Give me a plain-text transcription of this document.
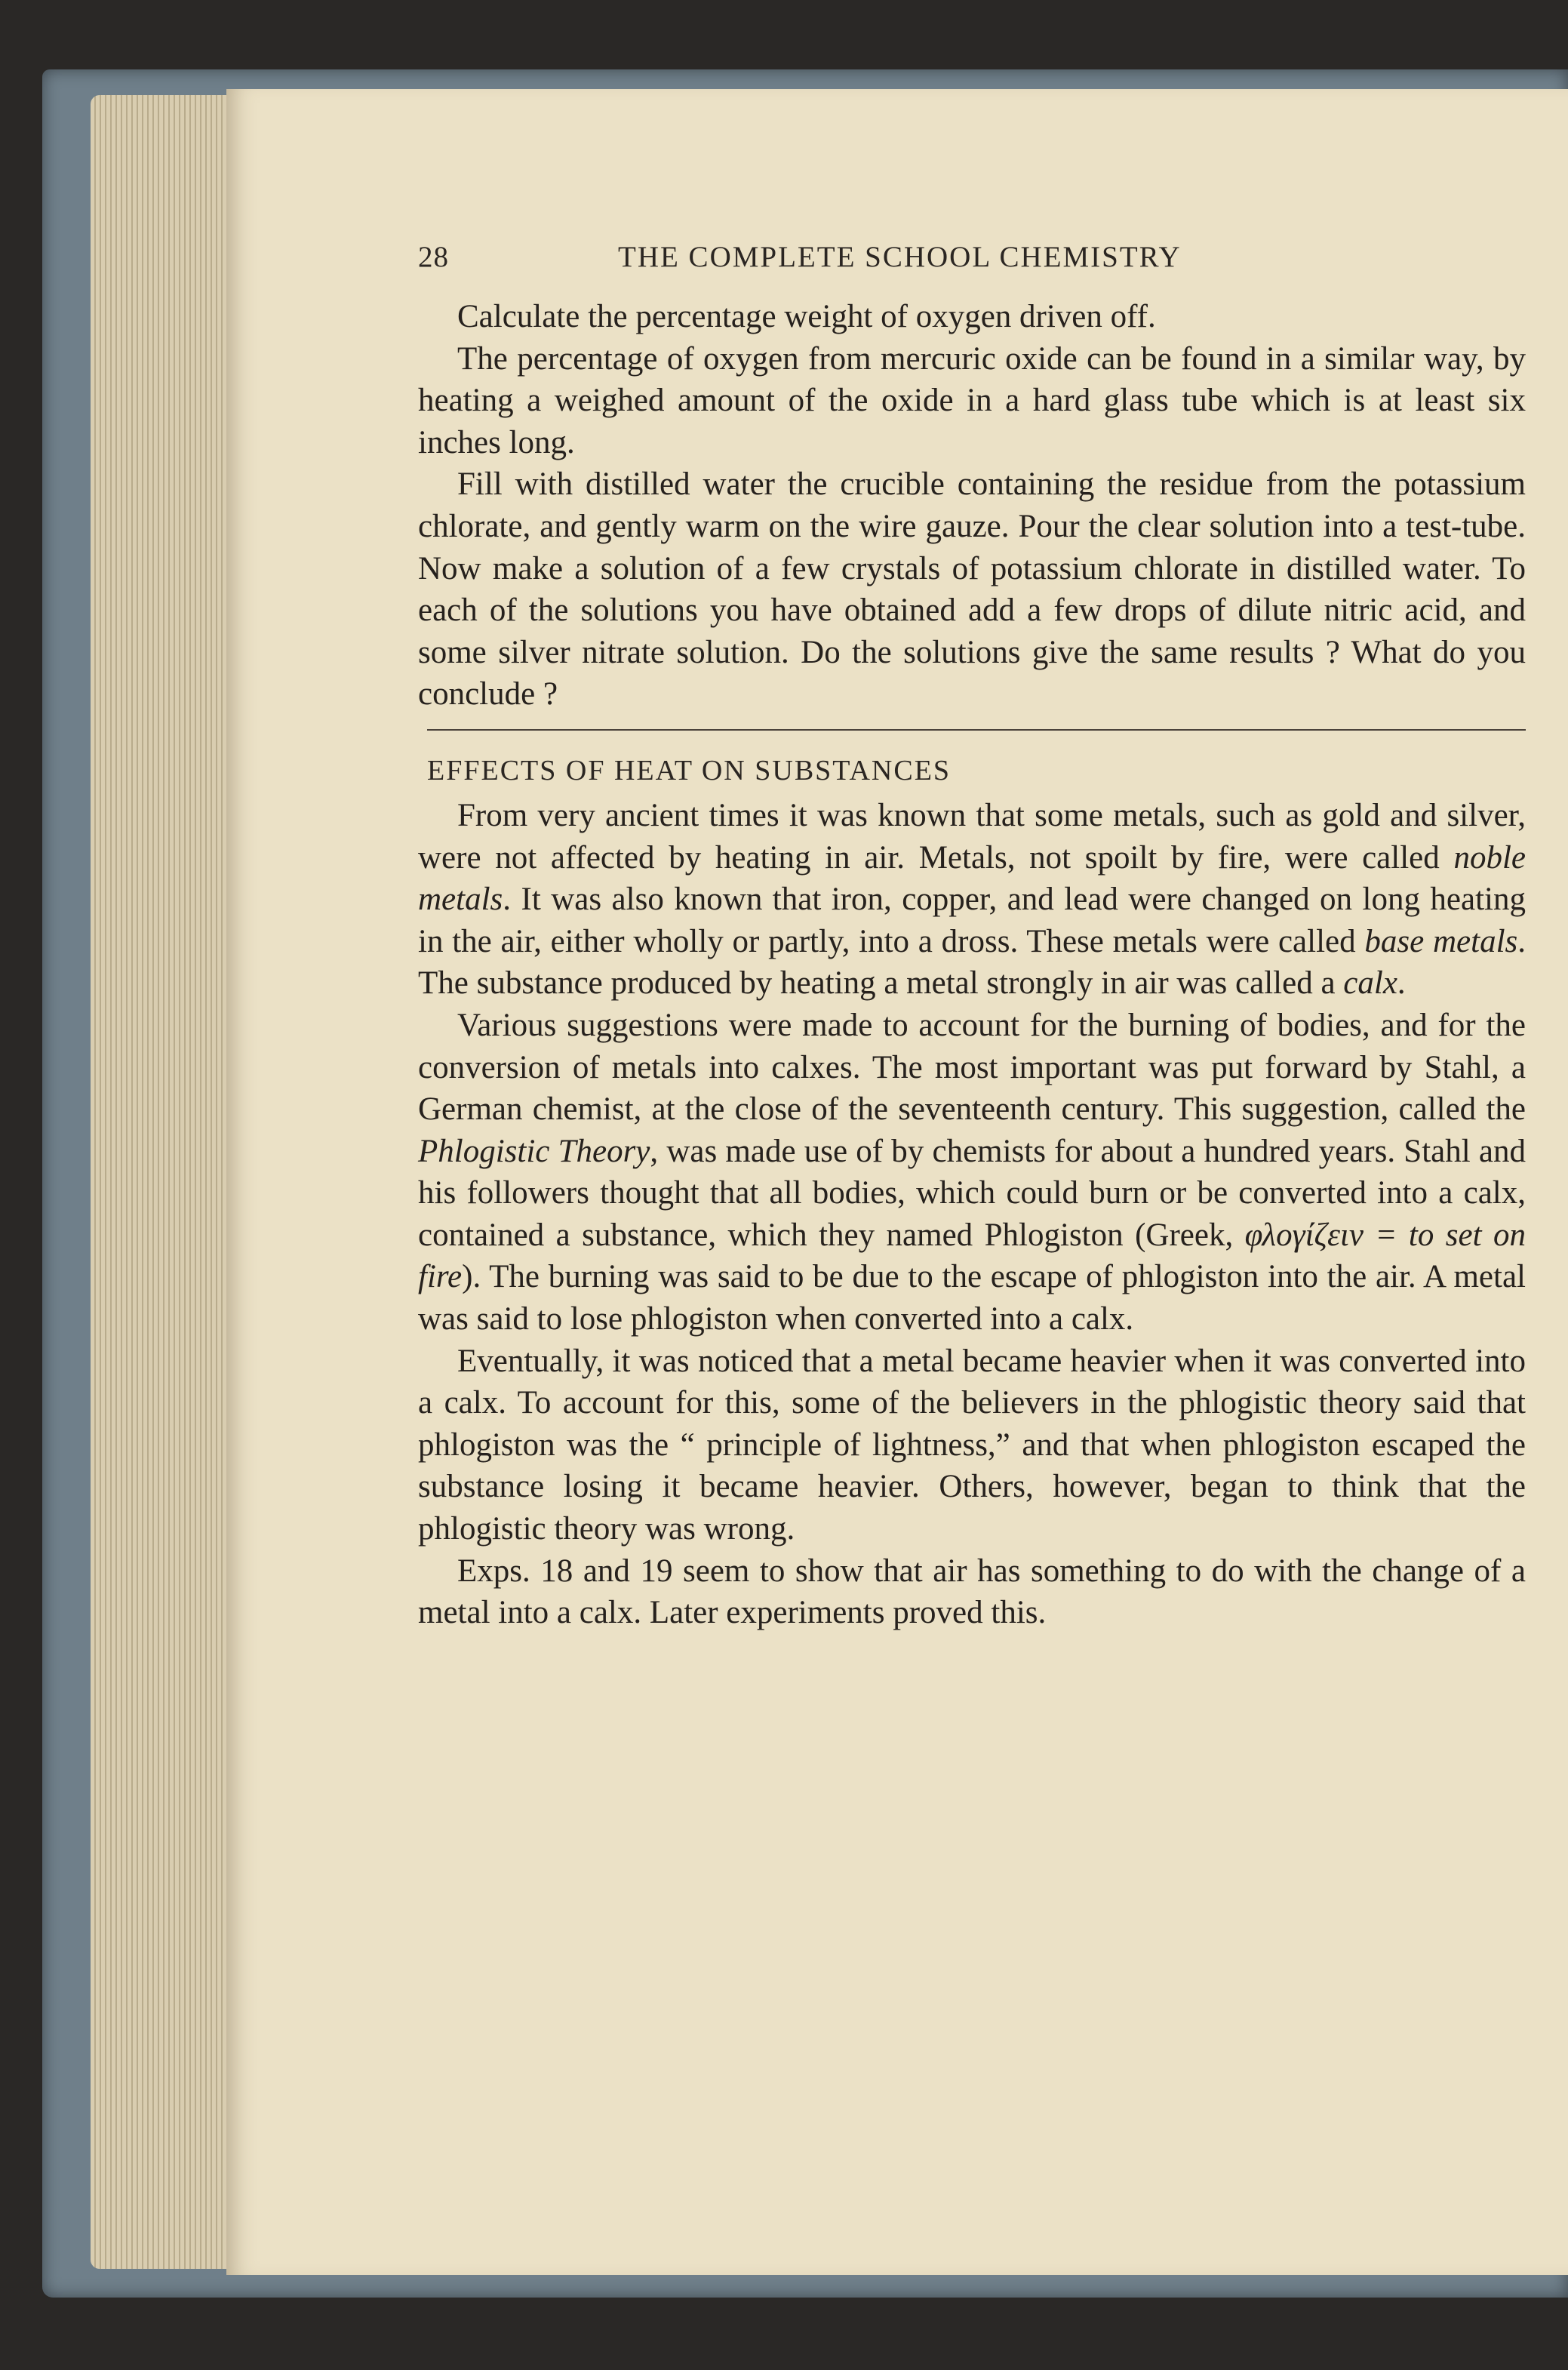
28	THE COMPLETE SCHOOL CHEMISTRY

Calculate the percentage weight of oxygen driven off.

The percentage of oxygen from mercuric oxide can be found in a similar way, by heating a weighed amount of the oxide in a hard glass tube which is at least six inches long.

Fill with distilled water the crucible containing the residue from the potassium chlorate, and gently warm on the wire gauze. Pour the clear solution into a test-tube. Now make a solution of a few crystals of potassium chlorate in distilled water. To each of the solutions you have obtained add a few drops of dilute nitric acid, and some silver nitrate solution. Do the solutions give the same results ? What do you conclude ?

EFFECTS OF HEAT ON SUBSTANCES

From very ancient times it was known that some metals, such as gold and silver, were not affected by heating in air. Metals, not spoilt by fire, were called noble metals. It was also known that iron, copper, and lead were changed on long heating in the air, either wholly or partly, into a dross. These metals were called base metals. The substance produced by heating a metal strongly in air was called a calx.

Various suggestions were made to account for the burning of bodies, and for the conversion of metals into calxes. The most important was put forward by Stahl, a German chemist, at the close of the seventeenth century. This suggestion, called the Phlogistic Theory, was made use of by chemists for about a hundred years. Stahl and his followers thought that all bodies, which could burn or be converted into a calx, contained a substance, which they named Phlogiston (Greek, φλογίζειν = to set on fire). The burning was said to be due to the escape of phlogiston into the air. A metal was said to lose phlogiston when converted into a calx.

Eventually, it was noticed that a metal became heavier when it was converted into a calx. To account for this, some of the believers in the phlogistic theory said that phlogiston was the “ principle of lightness,” and that when phlogiston escaped the substance losing it became heavier. Others, however, began to think that the phlogistic theory was wrong.

Exps. 18 and 19 seem to show that air has something to do with the change of a metal into a calx. Later experiments proved this.
